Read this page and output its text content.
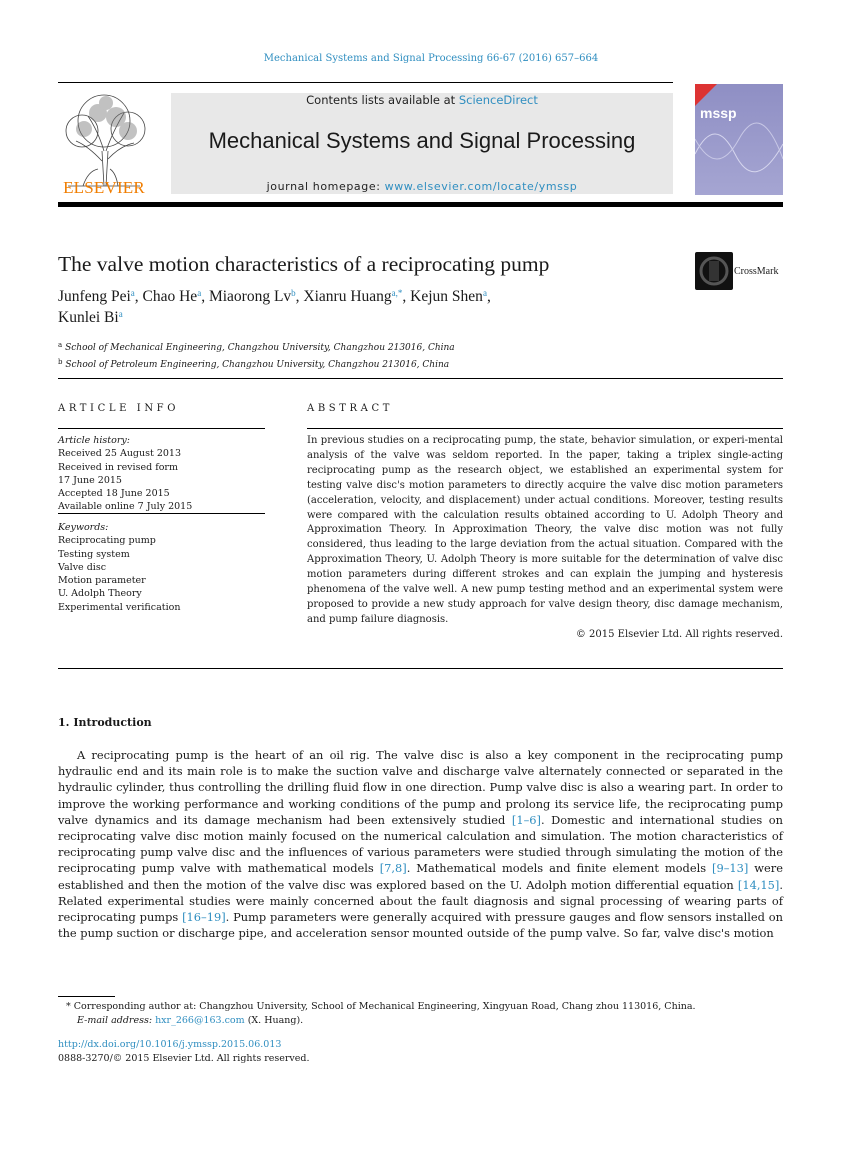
Mechanical Systems and Signal Processing 66-67 (2016) 657–664
ELSEVIER
Contents lists available at ScienceDirect
Mechanical Systems and Signal Processing
journal homepage: www.elsevier.com/locate/ymssp
mssp
The valve motion characteristics of a reciprocating pump	CrossMark
Junfeng Pei$^a$, Chao He$^a$, Miaorong Lv$^b$, Xianru Huang$^{a,*}$, Kejun Shen$^a$,
Kunlei Bi$^a$
$^a$ School of Mechanical Engineering, Changzhou University, Changzhou 213016, China
$^b$ School of Petroleum Engineering, Changzhou University, Changzhou 213016, China
ARTICLE INFO
Article history:
Received 25 August 2013
Received in revised form
17 June 2015
Accepted 18 June 2015
Available online 7 July 2015
Keywords:
Reciprocating pump
Testing system
Valve disc
Motion parameter
U. Adolph Theory
Experimental verification
ABSTRACT
In previous studies on a reciprocating pump, the state, behavior simulation, or experi-mental analysis of the valve was seldom reported. In the paper, taking a triplex single-acting reciprocating pump as the research object, we established an experimental system for testing valve disc's motion parameters to directly acquire the valve disc motion parameters (acceleration, velocity, and displacement) under actual conditions. Moreover, testing results were compared with the calculation results obtained according to U. Adolph Theory and Approximation Theory. In Approximation Theory, the valve disc motion was not fully considered, thus leading to the large deviation from the actual situation. Compared with the Approximation Theory, U. Adolph Theory is more suitable for the determination of valve disc motion parameters during different strokes and can explain the jumping and hysteresis phenomena of the valve well. A new pump testing method and an experimental system were proposed to provide a new study approach for valve design theory, disc damage mechanism, and pump failure diagnosis.
© 2015 Elsevier Ltd. All rights reserved.
1. Introduction
A reciprocating pump is the heart of an oil rig. The valve disc is also a key component in the reciprocating pump hydraulic end and its main role is to make the suction valve and discharge valve alternately connected or separated in the hydraulic cylinder, thus controlling the drilling fluid flow in one direction. Pump valve disc is also a wearing part. In order to improve the working performance and working conditions of the pump and prolong its service life, the reciprocating pump valve dynamics and its damage mechanism had been extensively studied [1–6]. Domestic and international studies on reciprocating valve disc motion mainly focused on the numerical calculation and simulation. The motion characteristics of reciprocating pump valve disc and the influences of various parameters were studied through simulating the motion of the reciprocating pump valve with mathematical models [7,8]. Mathematical models and finite element models [9–13] were established and then the motion of the valve disc was explored based on the U. Adolph motion differential equation [14,15]. Related experimental studies were mainly concerned about the fault diagnosis and signal processing of wearing parts of reciprocating pumps [16–19]. Pump parameters were generally acquired with pressure gauges and flow sensors installed on the pump suction or discharge pipe, and acceleration sensor mounted outside of the pump valve. So far, valve disc's motion
* Corresponding author at: Changzhou University, School of Mechanical Engineering, Xingyuan Road, Chang zhou 113016, China.
E-mail address: hxr_266@163.com (X. Huang).
http://dx.doi.org/10.1016/j.ymssp.2015.06.013
0888-3270/© 2015 Elsevier Ltd. All rights reserved.
